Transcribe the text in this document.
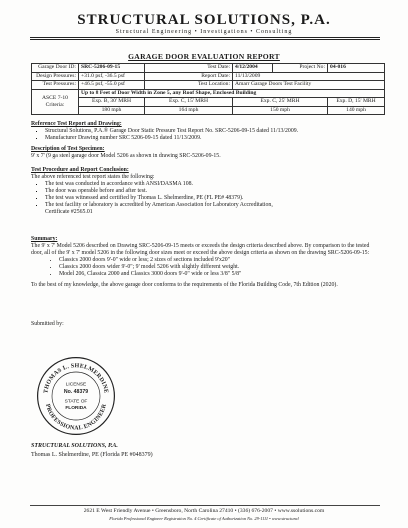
STRUCTURAL SOLUTIONS, P.A.
Structural Engineering • Investigations • Consulting
GARAGE DOOR EVALUATION REPORT
Garage Door ID:	SRC-5206-09-15	Test Date:	4/12/2004	Project No:	04-016	
Design Pressures:	+31.0 psf, -36.5 psf	Report Date:	11/13/2009			
Test Pressures:	+46.5 psf, -55.0 psf	Test Location:	Amarr Garage Doors Test Facility			
ASCE 7-10
Criteria:	Up to 8 Feet of Door Width in Zone 5, any Roof Shape, Enclosed Building					
	Exp. B, 30' MRH	Exp. C, 15' MRH	Exp. C, 25' MRH		Exp. D, 15' MRH	
	180 mph	164 mph	150 mph		140 mph	
Reference Test Report and Drawing:
▪ Structural Solutions, P.A.® Garage Door Static Pressure Test Report No. SRC-5206-09-15 dated 11/13/2009.
▪ Manufacturer Drawing number SRC 5206-09-15 dated 11/13/2009.
Description of Test Specimen:
9' x 7' (9 ga steel garage door Model 5206 as shown in drawing SRC-5206-09-15.
Test Procedure and Report Conclusion:
The above referenced test report states the following:
▪ The test was conducted in accordance with ANSI/DASMA 108.
▪ The door was operable before and after test.
▪ The test was witnessed and certified by Thomas L. Shelmerdine, PE (FL PE# 48379).
▪ The test facility or laboratory is accredited by American Association for Laboratory Accreditation,
Certificate #2565.01
Summary:
The 9' x 7' Model 5206 described on Drawing SRC-5206-09-15 meets or exceeds the design criteria described above. By comparison to the tested door, all of the 9' x 7' model 5206 in the following door sizes meet or exceed the above design criteria as shown on the drawing SRC-5206-09-15:
• Classics 2000 doors 9'-0" wide or less; 2 sizes of sections included 9'x20"
• Classics 2000 doors wider 9'-0"; 9' model 5206 with slightly different weight.
• Model 206, Classica 2000 and Classics 3000 doors 9'-0" wide or less 3/8" 5/8"
To the best of my knowledge, the above garage door conforms to the requirements of the Florida Building Code, 7th Edition (2020).
Submitted by:
THOMAS L. SHELMERDINE
PROFESSIONAL ENGINEER
LICENSE
No. 48379
STATE OF
FLORIDA
STRUCTURAL SOLUTIONS, P.A.
Thomas L. Shelmerdine, PE (Florida PE #048379)
2621 E West Friendly Avenue • Greensboro, North Carolina 27410 • (336) 676-2007 • www.ssolutions.com
Florida Professional Engineer Registration No. 4 Certificate of Authorization No. 29-1111 • www.structural
